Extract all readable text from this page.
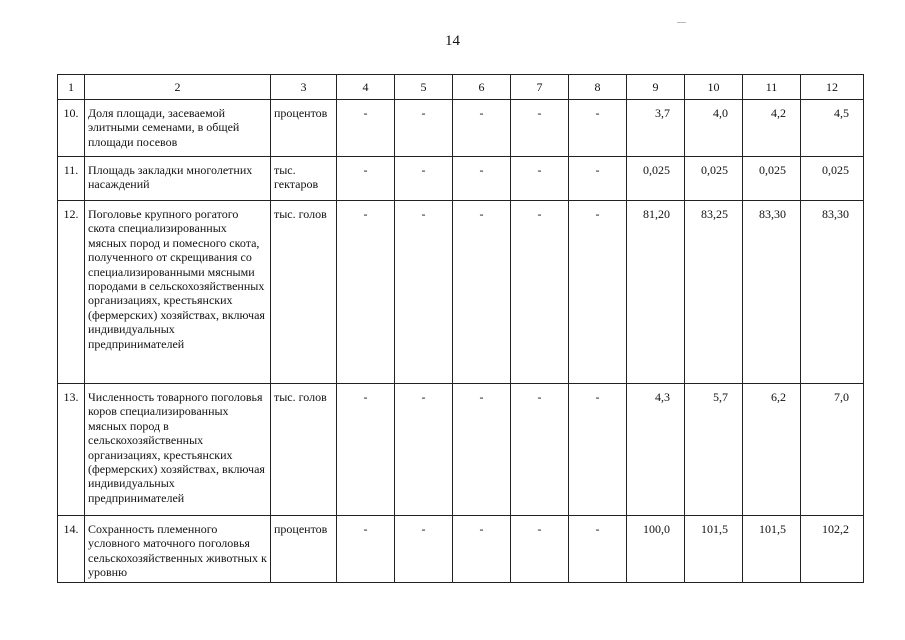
14
1	2	3	4	5	6	7	8	9	10	11	12
10.	Доля площади, засеваемой элитными семенами, в общей площади посевов	процентов	-	-	-	-	-	3,7	4,0	4,2	4,5
11.	Площадь закладки многолетних насаждений	тыс. гектаров	-	-	-	-	-	0,025	0,025	0,025	0,025
12.	Поголовье крупного рогатого скота специализированных мясных пород и помесного скота, полученного от скрещивания со специализированными мясными породами в сельскохозяйственных организациях, крестьянских (фермерских) хозяйствах, включая индивидуальных предпринимателей	тыс. голов	-	-	-	-	-	81,20	83,25	83,30	83,30
13.	Численность товарного поголовья коров специализированных мясных пород в сельскохозяйственных организациях, крестьянских (фермерских) хозяйствах, включая индивидуальных предпринимателей	тыс. голов	-	-	-	-	-	4,3	5,7	6,2	7,0
14.	Сохранность племенного условного маточного поголовья сельскохозяйственных животных к уровню	процентов	-	-	-	-	-	100,0	101,5	101,5	102,2
